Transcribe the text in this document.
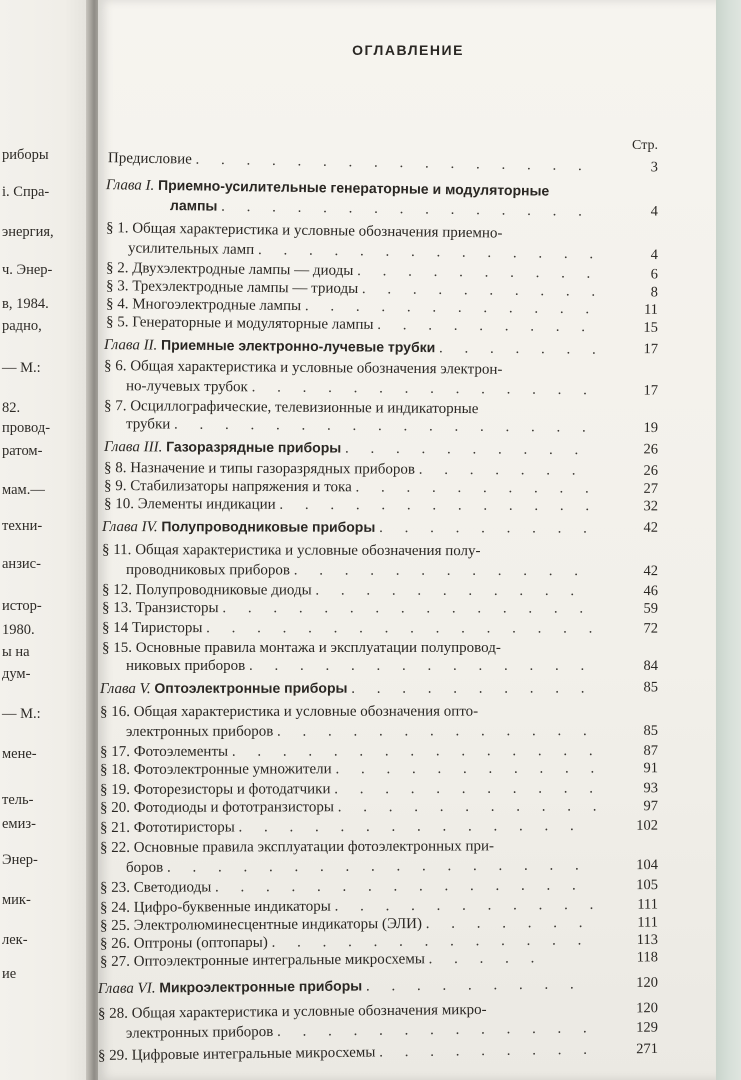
риборы
і. Спра-
энергия,
ч. Энер-
в, 1984.
радно,
— М.:
82.
провод-
ратом-
мам.—
техни-
анзис-
истор-
1980.
ы на
дум-
— М.:
мене-
тель-
емиз-
Энер-
мик-
лек-
ие
ОГЛАВЛЕНИЕ
Стр.
Предисловие . . . . . . . . . . . . . . . .	3
Глава I. Приемно-усилительные генераторные и модуляторные
лампы . . . . . . . . . . . . . . .	4
§ 1. Общая характеристика и условные обозначения приемно-
усилительных ламп . . . . . . . . . . . . . .	4
§ 2. Двухэлектродные лампы — диоды . . . . . . . . . .	6
§ 3. Трехэлектродные лампы — триоды . . . . . . . . . .	8
§ 4. Многоэлектродные лампы . . . . . . . . . . . .	11
§ 5. Генераторные и модуляторные лампы . . . . . . . . .	15
Глава II. Приемные электронно-лучевые трубки . . . . . . .	17
§ 6. Общая характеристика и условные обозначения электрон-
но-лучевых трубок . . . . . . . . . . . . . .	17
§ 7. Осциллографические, телевизионные и индикаторные
трубки . . . . . . . . . . . . . . . . .	19
Глава III. Газоразрядные приборы . . . . . . . . . .	26
§ 8. Назначение и типы газоразрядных приборов . . . . . . .	26
§ 9. Стабилизаторы напряжения и тока . . . . . . . . . .	27
§ 10. Элементы индикации . . . . . . . . . . . . .	32
Глава IV. Полупроводниковые приборы . . . . . . . . .	42
§ 11. Общая характеристика и условные обозначения полу-
проводниковых приборов . . . . . . . . . . . .	42
§ 12. Полупроводниковые диоды . . . . . . . . . . .	46
§ 13. Транзисторы . . . . . . . . . . . . . . .	59
§ 14 Тиристоры . . . . . . . . . . . . . . . .	72
§ 15. Основные правила монтажа и эксплуатации полупровод-
никовых приборов . . . . . . . . . . . . . .	84
Глава V. Оптоэлектронные приборы . . . . . . . . . .	85
§ 16. Общая характеристика и условные обозначения опто-
электронных приборов . . . . . . . . . . . . .	85
§ 17. Фотоэлементы . . . . . . . . . . . . . . .	87
§ 18. Фотоэлектронные умножители . . . . . . . . . . .	91
§ 19. Фоторезисторы и фотодатчики . . . . . . . . . . .	93
§ 20. Фотодиоды и фототранзисторы . . . . . . . . . . .	97
§ 21. Фототиристоры . . . . . . . . . . . . . .	102
§ 22. Основные правила эксплуатации фотоэлектронных при-
боров . . . . . . . . . . . . . . . . .	104
§ 23. Светодиоды . . . . . . . . . . . . . . .	105
§ 24. Цифро-буквенные индикаторы . . . . . . . . . . .	111
§ 25. Электролюминесцентные индикаторы (ЭЛИ) . . . . . . .	111
§ 26. Оптроны (оптопары) . . . . . . . . . . . . .	113
§ 27. Оптоэлектронные интегральные микросхемы . . . . .	118
Глава VI. Микроэлектронные приборы . . . . . . . . .	120
§ 28. Общая характеристика и условные обозначения микро-	120
электронных приборов . . . . . . . . . . . . .	129
§ 29. Цифровые интегральные микросхемы . . . . . . . . .	271
